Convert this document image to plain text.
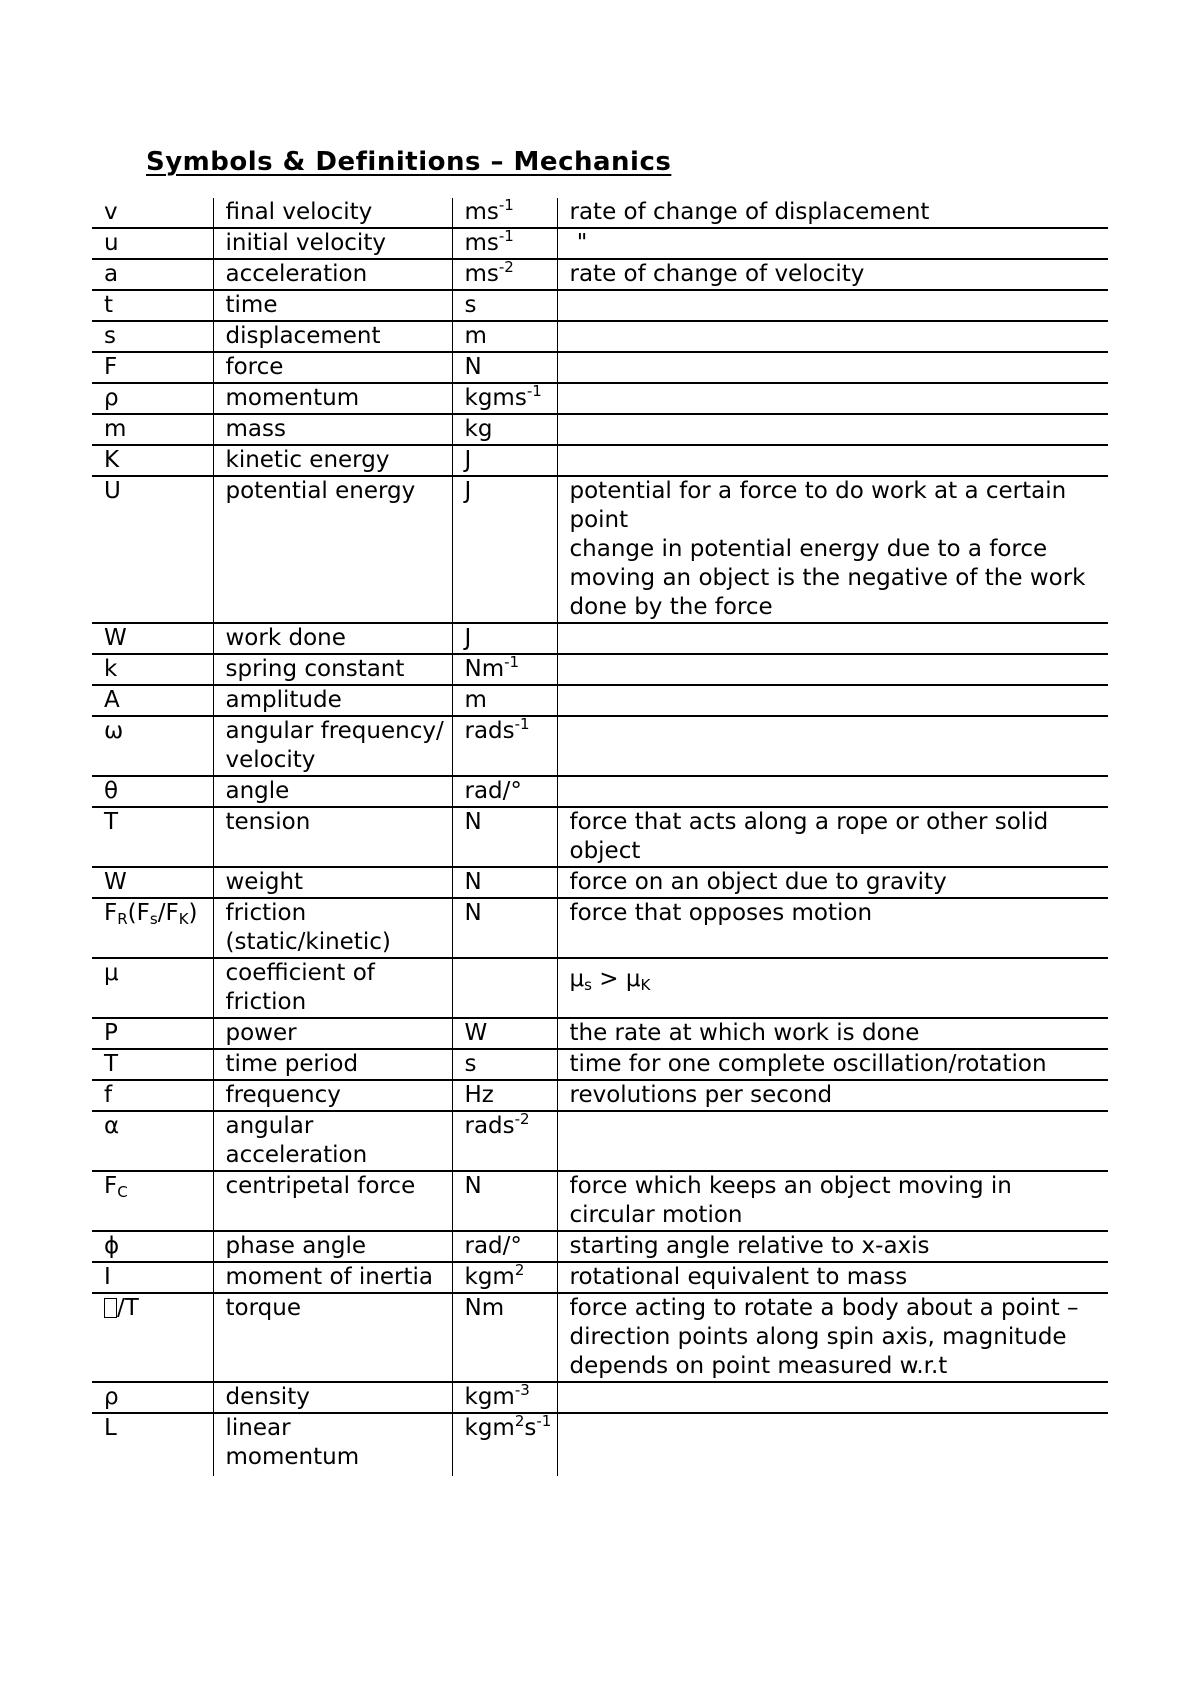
Symbols & Definitions – Mechanics
v	final velocity	$ms^{-1}$	rate of change of displacement
u	initial velocity	$ms^{-1}$	"
a	acceleration	$ms^{-2}$	rate of change of velocity
t	time	s	
s	displacement	m	
F	force	N	
ρ	momentum	kgms$^{-1}$	
m	mass	kg	
K	kinetic energy	J	
U	potential energy	J	potential for a force to do work at a certain point
change in potential energy due to a force moving an object is the negative of the work done by the force

W	work done	J	
k	spring constant	$Nm^{-1}$	
A	amplitude	m	
ω	angular frequency/velocity	rads$^{-1}$	
θ	angle	rad/°	
T	tension	N	force that acts along a rope or other solid object
W	weight	N	force on an object due to gravity
$F_R(F_s/F_K)$	friction (static/kinetic)	N	force that opposes motion
μ	coefficient of friction		$\mu_s > \mu_K$
P	power	W	the rate at which work is done
T	time period	s	time for one complete oscillation/rotation
f	frequency	Hz	revolutions per second
α	angular acceleration	rads$^{-2}$	
$F_C$	centripetal force	N	force which keeps an object moving in circular motion
ϕ	phase angle	rad/°	starting angle relative to x-axis
I	moment of inertia	kgm$^2$	rotational equivalent to mass
/T	torque	Nm	force acting to rotate a body about a point – direction points along spin axis, magnitude depends on point measured w.r.t
ρ	density	kgm$^{-3}$	
L	linear momentum	$kgm^2s^{-1}$	
